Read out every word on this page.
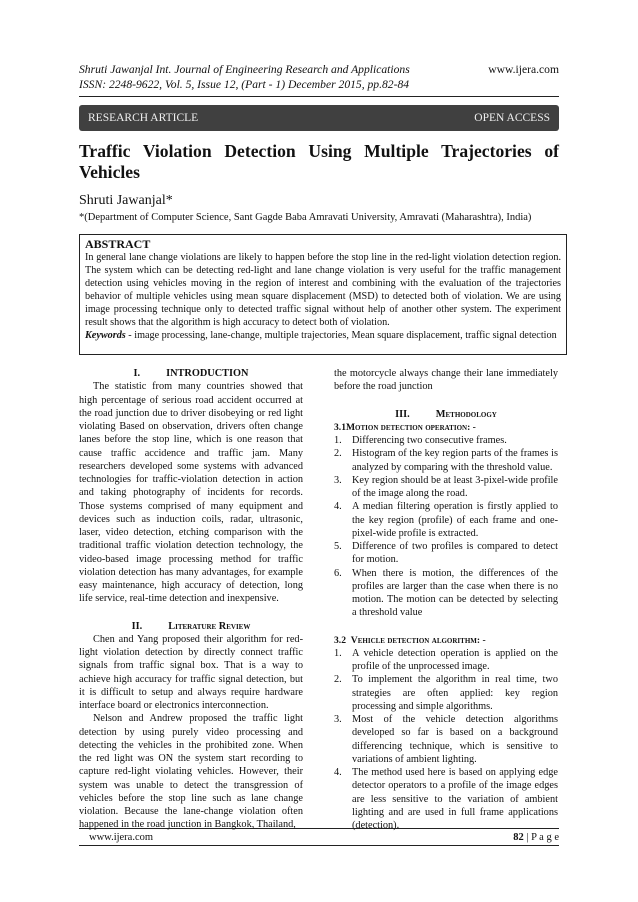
Shruti Jawanjal Int. Journal of Engineering Research and Applications
ISSN: 2248-9622, Vol. 5, Issue 12, (Part - 1) December 2015, pp.82-84
www.ijera.com
RESEARCH ARTICLE	OPEN ACCESS
Traffic Violation Detection Using Multiple Trajectories of Vehicles
Shruti Jawanjal*
*(Department of Computer Science, Sant Gagde Baba Amravati University, Amravati (Maharashtra), India)
ABSTRACT

In general lane change violations are likely to happen before the stop line in the red-light violation detection region. The system which can be detecting red-light and lane change violation is very useful for the traffic management detection using vehicles moving in the region of interest and combining with the evaluation of the trajectories behavior of multiple vehicles using mean square displacement (MSD) to detected both of violation. We are using image processing technique only to detected traffic signal without help of another other system. The experiment result shows that the algorithm is high accuracy to detect both of violation.

Keywords - image processing, lane-change, multiple trajectories, Mean square displacement, traffic signal detection

I.	INTRODUCTION

The statistic from many countries showed that high percentage of serious road accident occurred at the road junction due to driver disobeying or red light violating Based on observation, drivers often change lanes before the stop line, which is one reason that cause traffic accidence and traffic jam. Many researchers developed some systems with advanced technologies for traffic-violation detection in action and taking photography of incidents for records. Those systems comprised of many equipment and devices such as induction coils, radar, ultrasonic, laser, video detection, etching comparison with the traditional traffic violation detection technology, the video-based image processing method for traffic violation detection has many advantages, for example easy maintenance, high accuracy of detection, long life service, real-time detection and inexpensive.

II.	Literature Review

Chen and Yang proposed their algorithm for red-light violation detection by directly connect traffic signals from traffic signal box. That is a way to achieve high accuracy for traffic signal detection, but it is difficult to setup and always require hardware interface board or electronics interconnection.

Nelson and Andrew proposed the traffic light detection by using purely video processing and detecting the vehicles in the prohibited zone. When the red light was ON the system start recording to capture red-light violating vehicles. However, their system was unable to detect the transgression of vehicles before the stop line such as lane change violation. Because the lane-change violation often happened in the road junction in Bangkok, Thailand,

the motorcycle always change their lane immediately before the road junction

III.	Methodology

3.1Motion detection operation: -

1. Differencing two consecutive frames.
2. Histogram of the key region parts of the frames is analyzed by comparing with the threshold value.
3. Key region should be at least 3-pixel-wide profile of the image along the road.
4. A median filtering operation is firstly applied to the key region (profile) of each frame and one-pixel-wide profile is extracted.
5. Difference of two profiles is compared to detect for motion.
6. When there is motion, the differences of the profiles are larger than the case when there is no motion. The motion can be detected by selecting a threshold value

3.2 Vehicle detection algorithm: -

1. A vehicle detection operation is applied on the profile of the unprocessed image.
2. To implement the algorithm in real time, two strategies are often applied: key region processing and simple algorithms.
3. Most of the vehicle detection algorithms developed so far is based on a background differencing technique, which is sensitive to variations of ambient lighting.
4. The method used here is based on applying edge detector operators to a profile of the image edges are less sensitive to the variation of ambient lighting and are used in full frame applications (detection).
www.ijera.com	82 | P a g e
